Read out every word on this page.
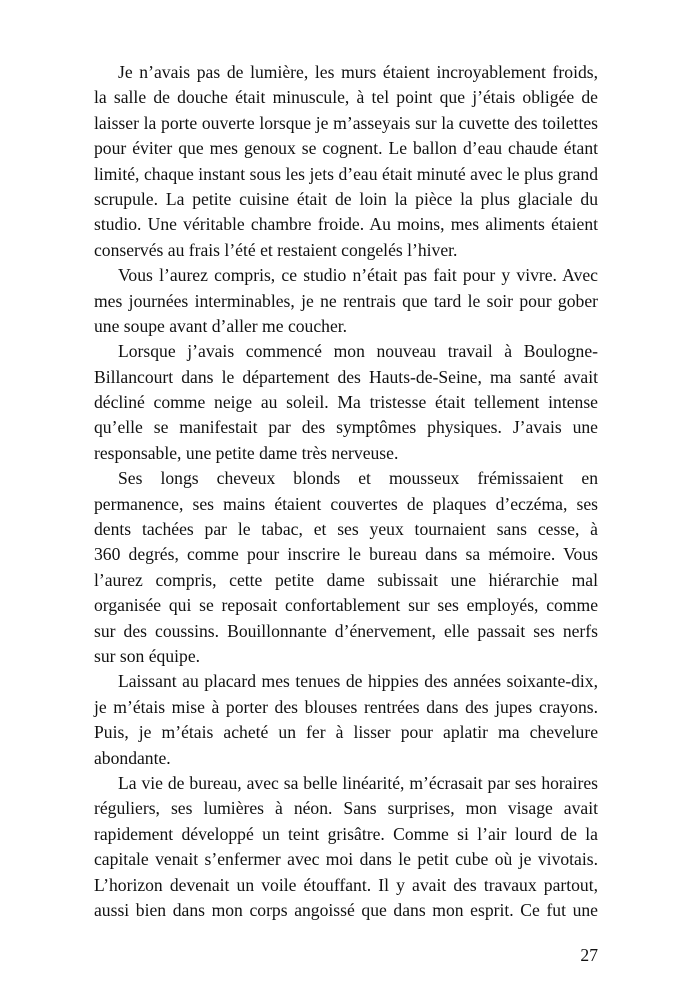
Je n’avais pas de lumière, les murs étaient incroyablement froids,
la salle de douche était minuscule, à tel point que j’étais obligée de
laisser la porte ouverte lorsque je m’asseyais sur la cuvette des toilettes
pour éviter que mes genoux se cognent. Le ballon d’eau chaude étant
limité, chaque instant sous les jets d’eau était minuté avec le plus grand
scrupule. La petite cuisine était de loin la pièce la plus glaciale du
studio. Une véritable chambre froide. Au moins, mes aliments étaient
conservés au frais l’été et restaient congelés l’hiver.
Vous l’aurez compris, ce studio n’était pas fait pour y vivre. Avec
mes journées interminables, je ne rentrais que tard le soir pour gober
une soupe avant d’aller me coucher.
Lorsque j’avais commencé mon nouveau travail à Boulogne-
Billancourt dans le département des Hauts-de-Seine, ma santé avait
décliné comme neige au soleil. Ma tristesse était tellement intense
qu’elle se manifestait par des symptômes physiques. J’avais une
responsable, une petite dame très nerveuse.
Ses longs cheveux blonds et mousseux frémissaient en
permanence, ses mains étaient couvertes de plaques d’eczéma, ses
dents tachées par le tabac, et ses yeux tournaient sans cesse, à
360 degrés, comme pour inscrire le bureau dans sa mémoire. Vous
l’aurez compris, cette petite dame subissait une hiérarchie mal
organisée qui se reposait confortablement sur ses employés, comme
sur des coussins. Bouillonnante d’énervement, elle passait ses nerfs
sur son équipe.
Laissant au placard mes tenues de hippies des années soixante-dix,
je m’étais mise à porter des blouses rentrées dans des jupes crayons.
Puis, je m’étais acheté un fer à lisser pour aplatir ma chevelure
abondante.
La vie de bureau, avec sa belle linéarité, m’écrasait par ses horaires
réguliers, ses lumières à néon. Sans surprises, mon visage avait
rapidement développé un teint grisâtre. Comme si l’air lourd de la
capitale venait s’enfermer avec moi dans le petit cube où je vivotais.
L’horizon devenait un voile étouffant. Il y avait des travaux partout,
aussi bien dans mon corps angoissé que dans mon esprit. Ce fut une
27
